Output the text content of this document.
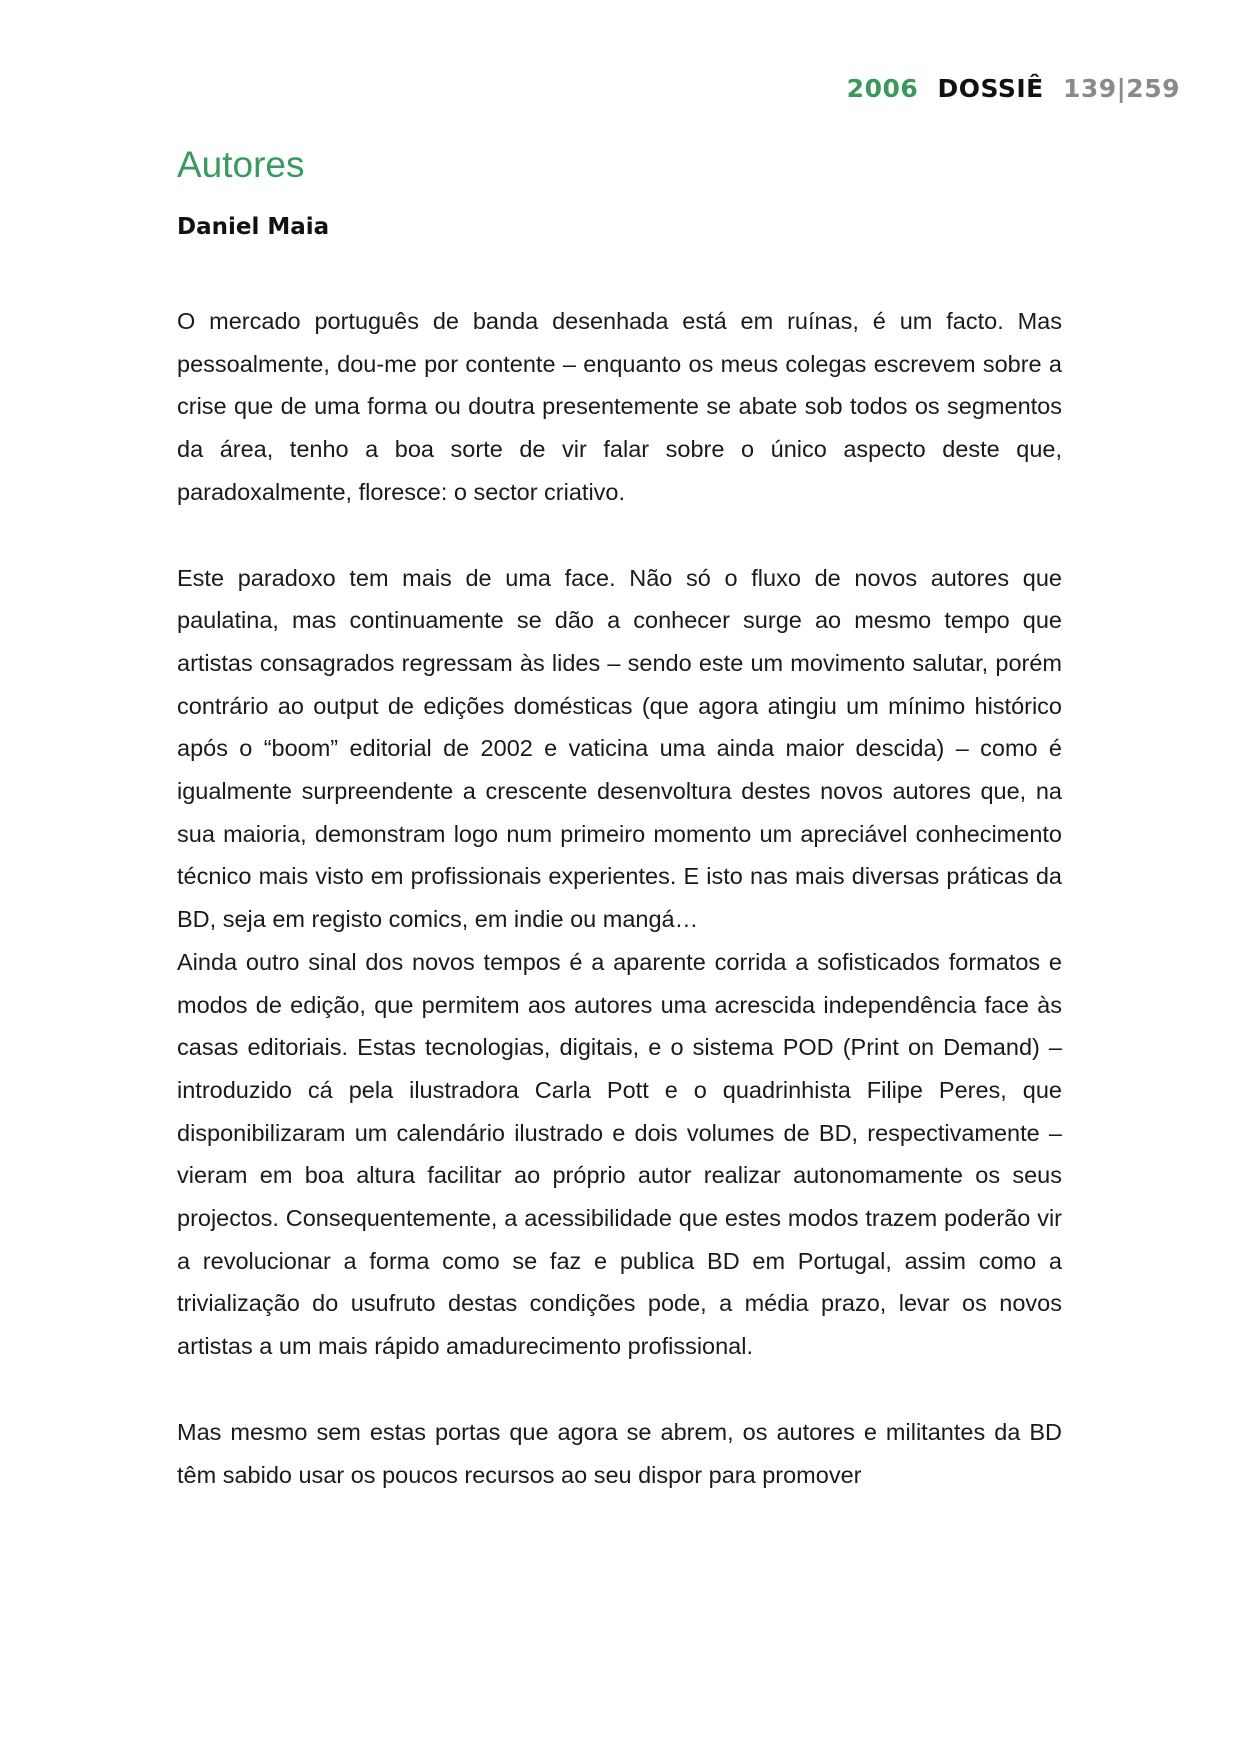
2006 DOSSIÊ 139|259
Autores
Daniel Maia

O mercado português de banda desenhada está em ruínas, é um facto. Mas pessoalmente, dou-me por contente – enquanto os meus colegas escrevem sobre a crise que de uma forma ou doutra presentemente se abate sob todos os segmentos da área, tenho a boa sorte de vir falar sobre o único aspecto deste que, paradoxalmente, floresce: o sector criativo.

Este paradoxo tem mais de uma face. Não só o fluxo de novos autores que paulatina, mas continuamente se dão a conhecer surge ao mesmo tempo que artistas consagrados regressam às lides – sendo este um movimento salutar, porém contrário ao output de edições domésticas (que agora atingiu um mínimo histórico após o “boom” editorial de 2002 e vaticina uma ainda maior descida) – como é igualmente surpreendente a crescente desenvoltura destes novos autores que, na sua maioria, demonstram logo num primeiro momento um apreciável conhecimento técnico mais visto em profissionais experientes. E isto nas mais diversas práticas da BD, seja em registo comics, em indie ou mangá…

Ainda outro sinal dos novos tempos é a aparente corrida a sofisticados formatos e modos de edição, que permitem aos autores uma acrescida independência face às casas editoriais. Estas tecnologias, digitais, e o sistema POD (Print on Demand) – introduzido cá pela ilustradora Carla Pott e o quadrinhista Filipe Peres, que disponibilizaram um calendário ilustrado e dois volumes de BD, respectivamente – vieram em boa altura facilitar ao próprio autor realizar autonomamente os seus projectos. Consequentemente, a acessibilidade que estes modos trazem poderão vir a revolucionar a forma como se faz e publica BD em Portugal, assim como a trivialização do usufruto destas condições pode, a média prazo, levar os novos artistas a um mais rápido amadurecimento profissional.

Mas mesmo sem estas portas que agora se abrem, os autores e militantes da BD têm sabido usar os poucos recursos ao seu dispor para promover
